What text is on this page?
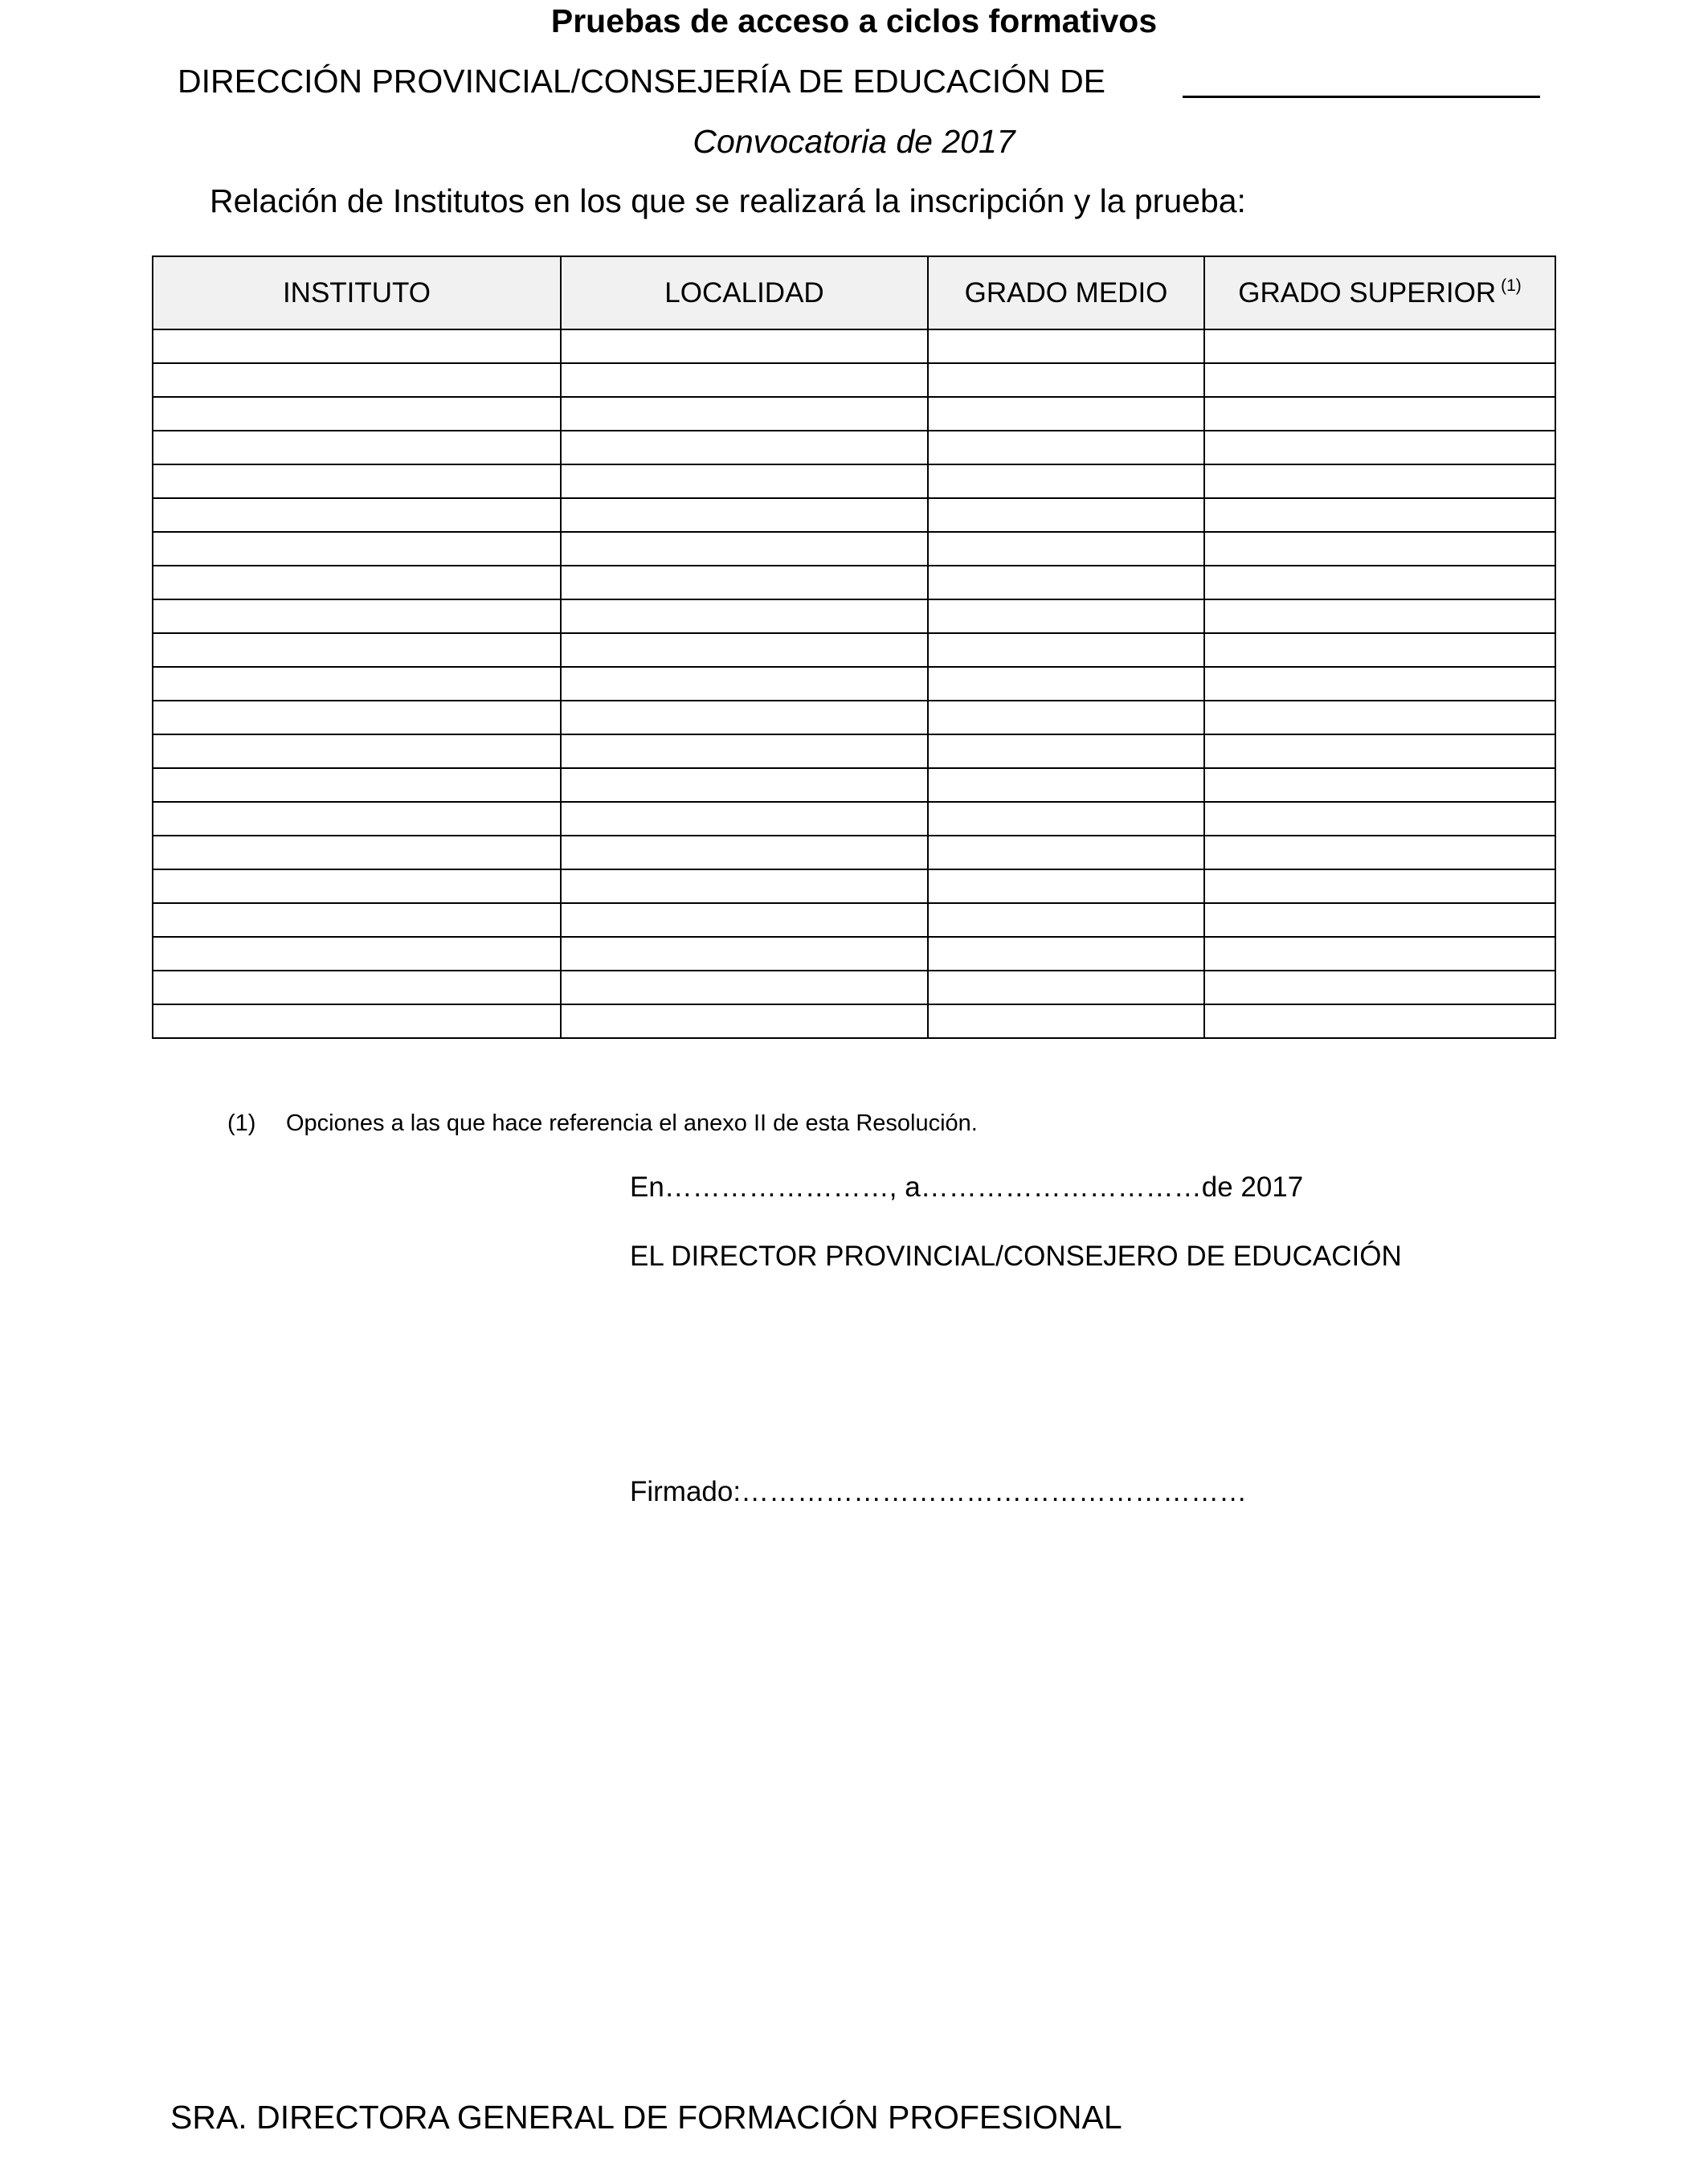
Pruebas de acceso a ciclos formativos
DIRECCIÓN PROVINCIAL/CONSEJERÍA DE EDUCACIÓN DE
Convocatoria de 2017
Relación de Institutos en los que se realizará la inscripción y la prueba:
INSTITUTO	LOCALIDAD	GRADO MEDIO	GRADO SUPERIOR $^{(1)}$

(1) Opciones a las que hace referencia el anexo II de esta Resolución.
En……………………, a…………………………de 2017
EL DIRECTOR PROVINCIAL/CONSEJERO DE EDUCACIÓN
Firmado:………………………………………………
SRA. DIRECTORA GENERAL DE FORMACIÓN PROFESIONAL
